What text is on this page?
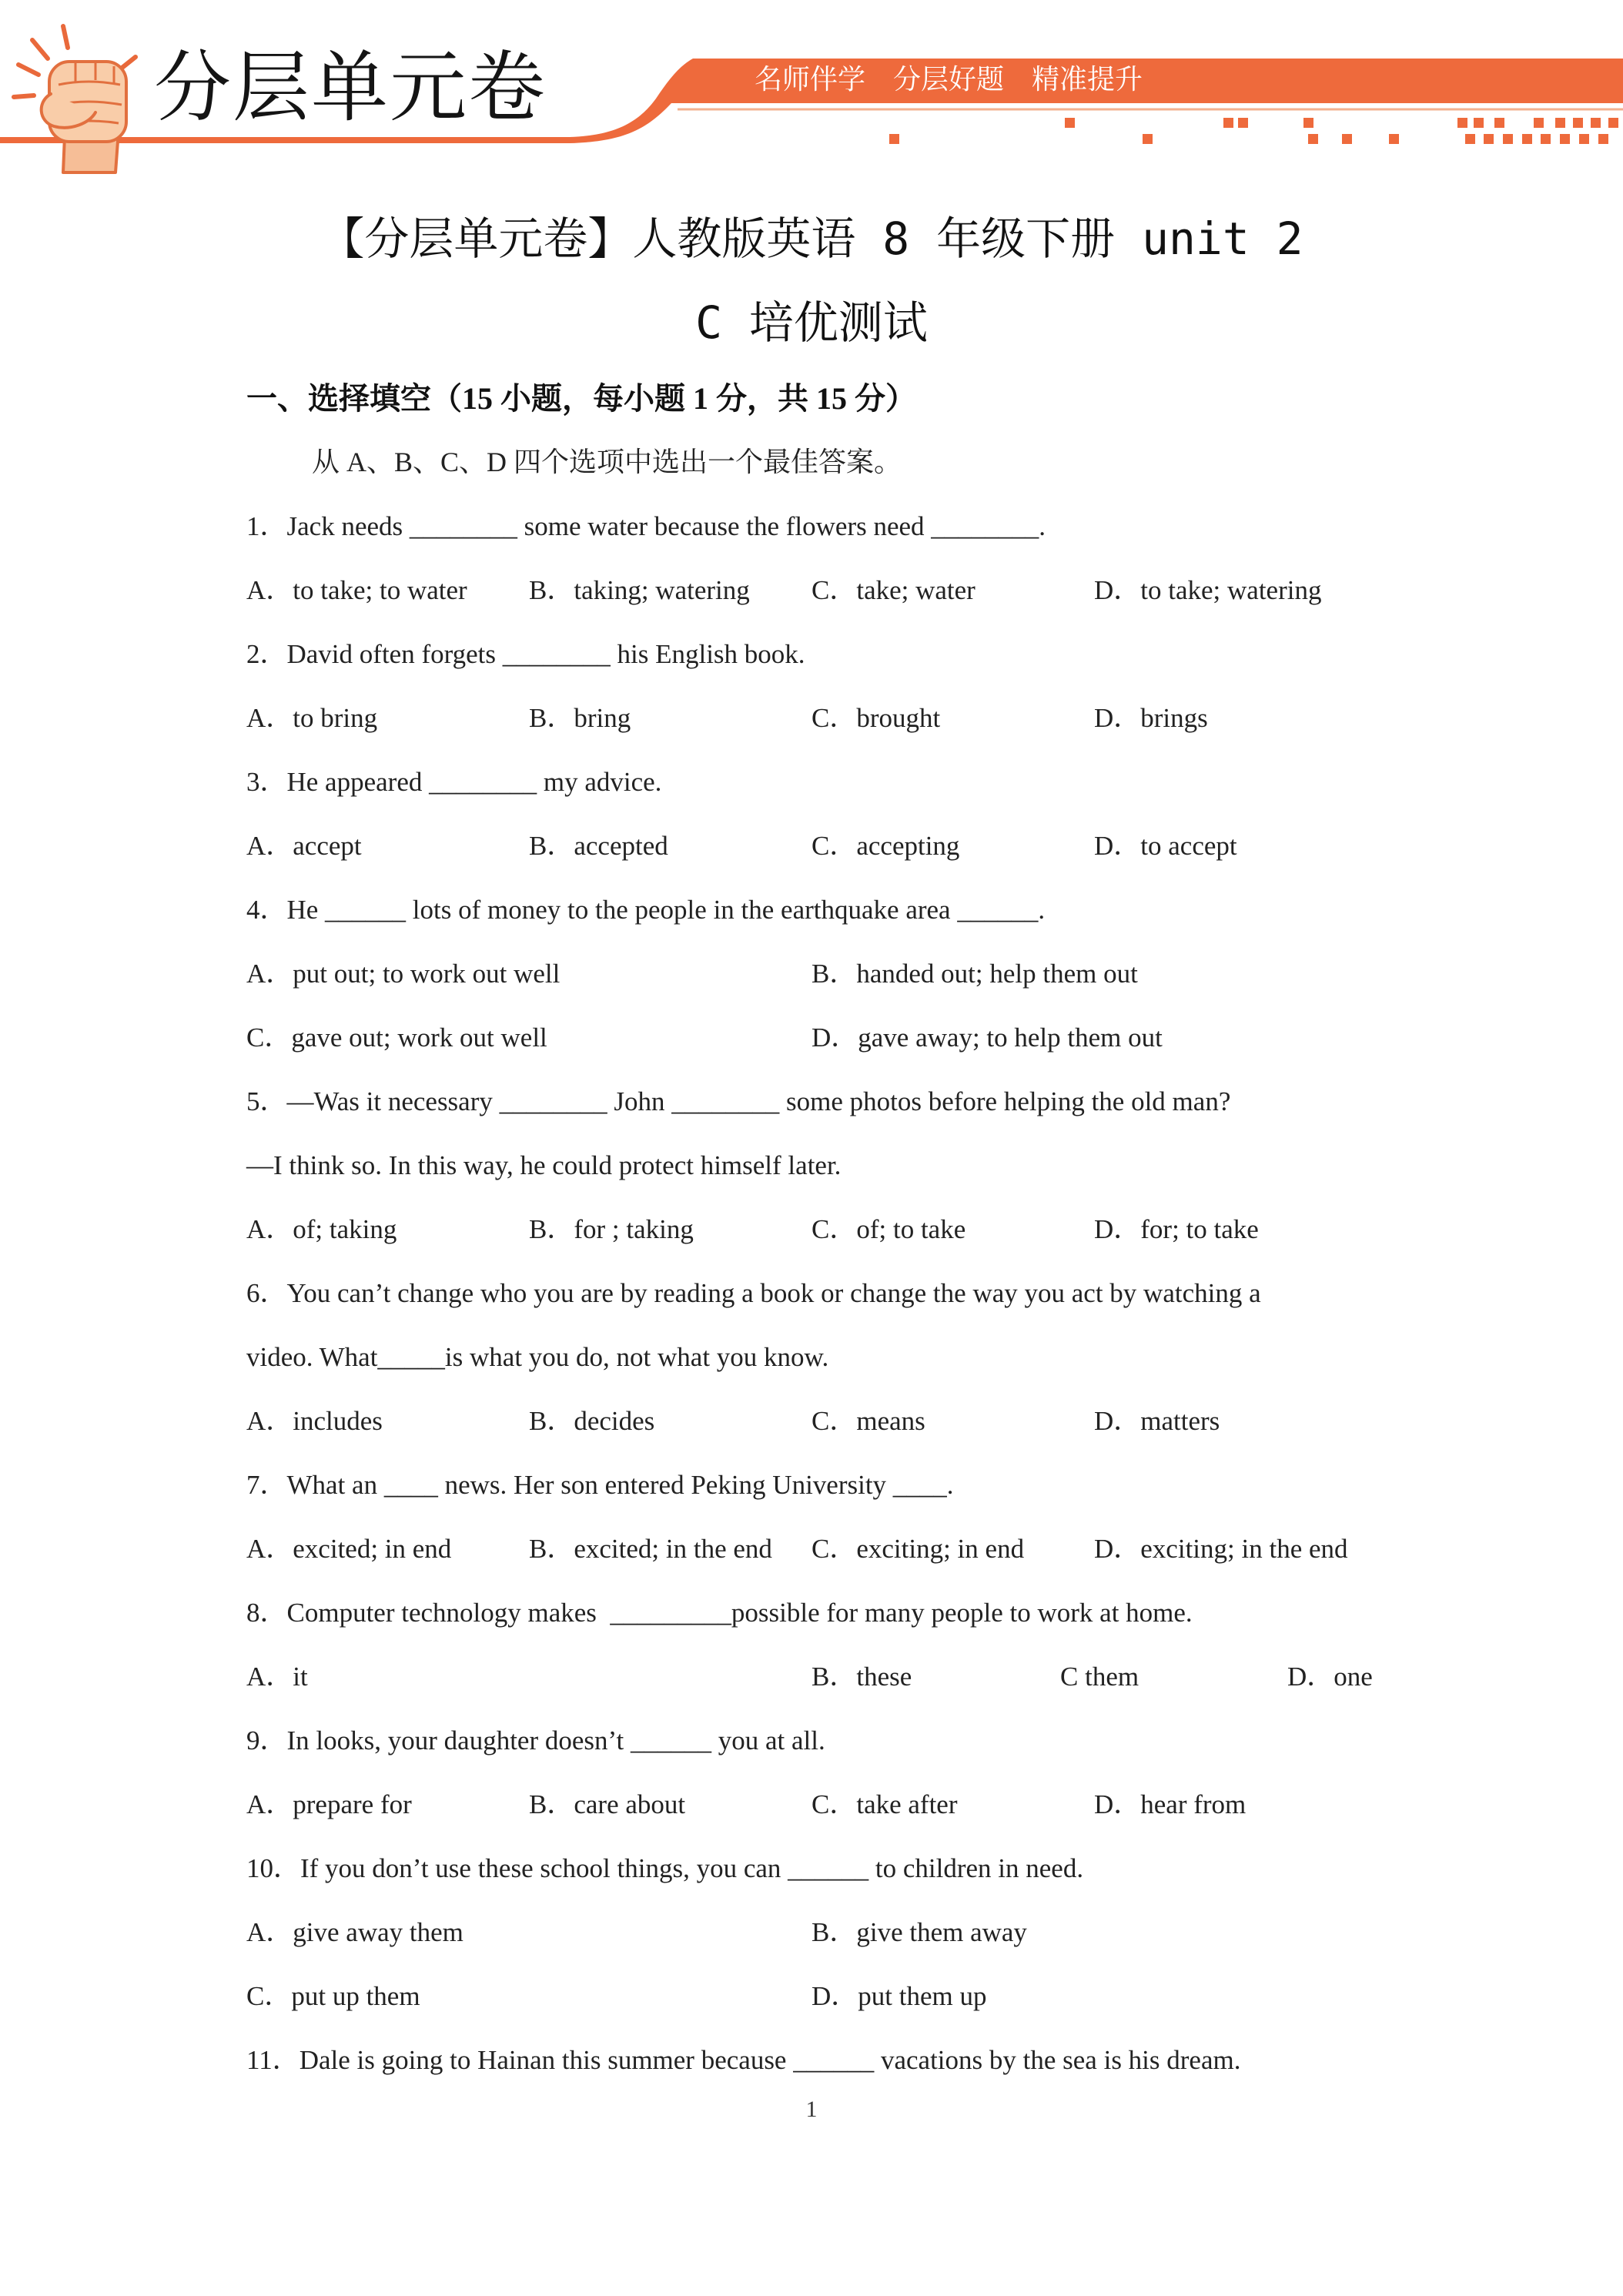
分层单元卷	名师伴学　分层好题　精准提升
【分层单元卷】人教版英语 8 年级下册 unit 2
C 培优测试
一、选择填空（15 小题，每小题 1 分，共 15 分）
从 A、B、C、D 四个选项中选出一个最佳答案。
1．Jack needs ________ some water because the flowers need ________.
A．to take; to water B．taking; watering C．take; water	D．to take; watering
2．David often forgets ________ his English book.
A．to bring	B．bring	C．brought	D．brings
3．He appeared ________ my advice.
A．accept	B．accepted	C．accepting	D．to accept
4．He ______ lots of money to the people in the earthquake area ______.
A．put out; to work out well	B．handed out; help them out
C．gave out; work out well	D．gave away; to help them out
5．—Was it necessary ________ John ________ some photos before helping the old man?
—I think so. In this way, he could protect himself later.
A．of; taking	B．for ; taking	C．of; to take	D．for; to take
6．You can’t change who you are by reading a book or change the way you act by watching a
video. What_____is what you do, not what you know.
A．includes	B．decides	C．means	D．matters
7．What an ____ news. Her son entered Peking University ____.
A．excited; in end	B．excited; in the end C．exciting; in end	D．exciting; in the end
8．Computer technology makes  _________possible for many people to work at home.
A．it	B．these	C them	D．one
9．In looks, your daughter doesn’t ______ you at all.
A．prepare for	B．care about	C．take after	D．hear from
10．If you don’t use these school things, you can ______ to children in need.
A．give away them	B．give them away
C．put up them	D．put them up
11．Dale is going to Hainan this summer because ______ vacations by the sea is his dream.
1
